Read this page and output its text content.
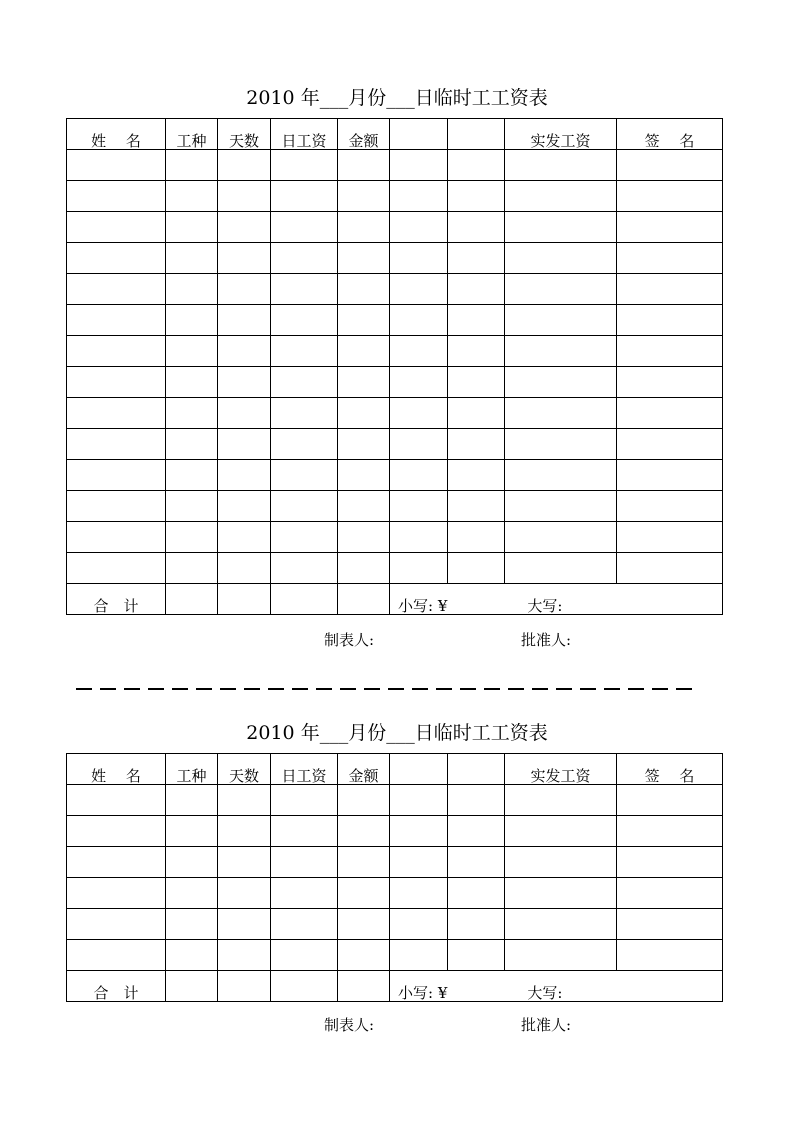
2010 年___月份___日临时工工资表
姓　 名	工种	天数	日工资	金额			实发工资	签　 名

合　计					小写: ¥ 大写:			
制表人:	批准人:
2010 年___月份___日临时工工资表
姓　 名	工种	天数	日工资	金额			实发工资	签　 名

合　计					小写: ¥ 大写:			
制表人:	批准人:
